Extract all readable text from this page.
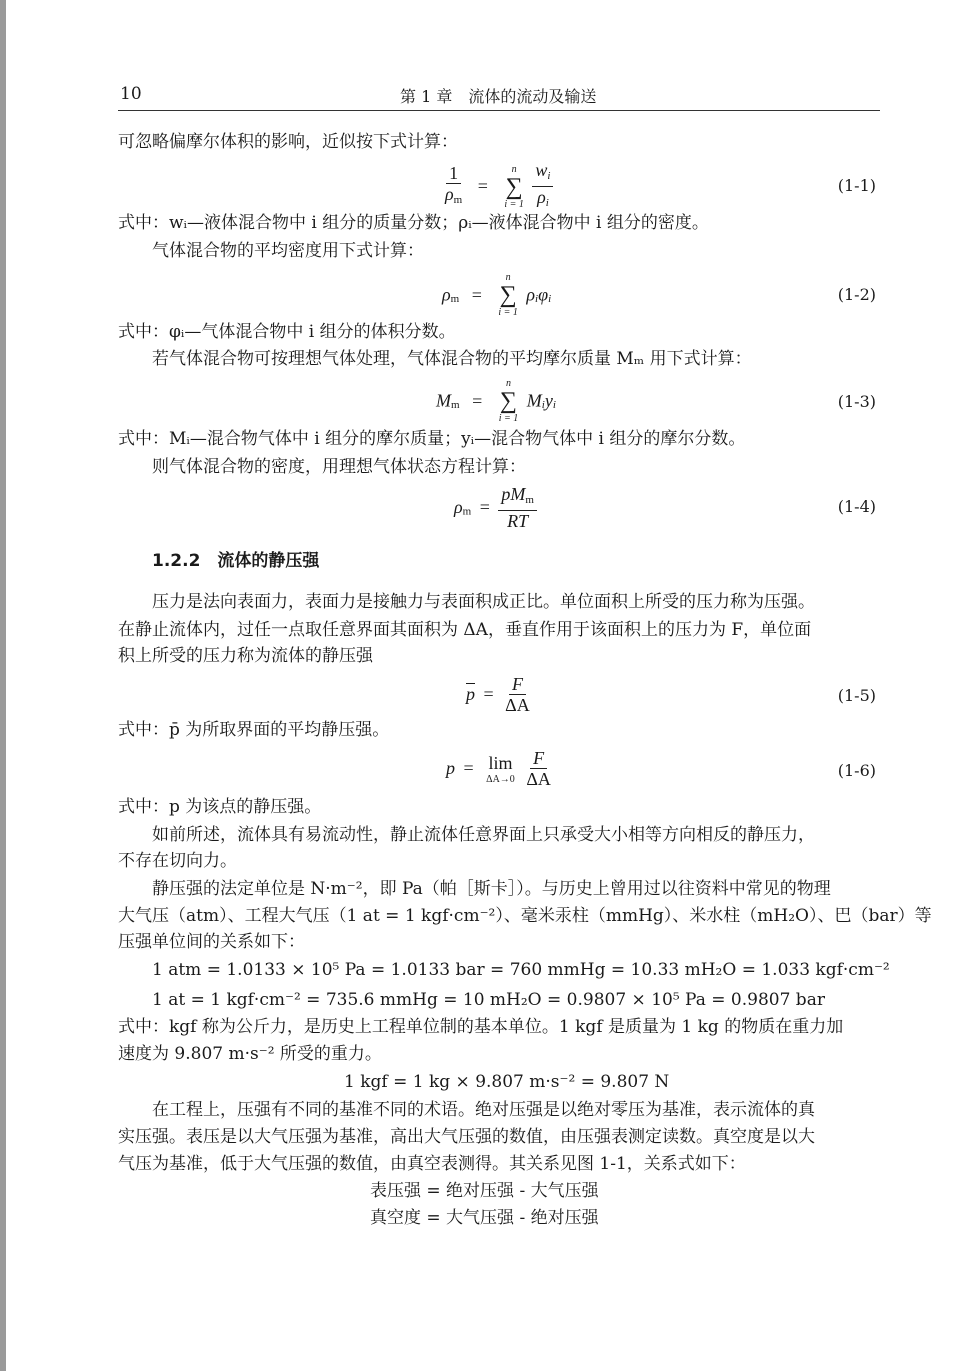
10	第 1 章　流体的流动及输送
可忽略偏摩尔体积的影响，近似按下式计算：
$\frac{1}{\rho_m}$ =
n
∑
i = 1
$\frac{w_i}{\rho_i}$	(1-1)
式中：wᵢ—液体混合物中 i 组分的质量分数；ρᵢ—液体混合物中 i 组分的密度。
气体混合物的平均密度用下式计算：
$\rho_m$ =
n
∑
i = 1
$\rho_i\varphi_i$	(1-2)
式中：φᵢ—气体混合物中 i 组分的体积分数。
若气体混合物可按理想气体处理，气体混合物的平均摩尔质量 Mₘ 用下式计算：
$M_m$ =
n
∑
i = 1
$M_iy_i$	(1-3)
式中：Mᵢ—混合物气体中 i 组分的摩尔质量；yᵢ—混合物气体中 i 组分的摩尔分数。
则气体混合物的密度，用理想气体状态方程计算：
$\rho_m = \frac{pM_m}{RT}$	(1-4)
1.2.2　流体的静压强
压力是法向表面力，表面力是接触力与表面积成正比。单位面积上所受的压力称为压强。
在静止流体内，过任一点取任意界面其面积为 ΔA，垂直作用于该面积上的压力为 F，单位面
积上所受的压力称为流体的静压强
$\overline{p} = \frac{F}{\Delta A}$	(1-5)
式中：p̄ 为所取界面的平均静压强。
p = lim
ΔA→0
$\frac{F}{\Delta A}$	(1-6)
式中：p 为该点的静压强。
如前所述，流体具有易流动性，静止流体任意界面上只承受大小相等方向相反的静压力，
不存在切向力。
静压强的法定单位是 N·m⁻²，即 Pa（帕［斯卡］）。与历史上曾用过以往资料中常见的物理
大气压（atm）、工程大气压（1 at = 1 kgf·cm⁻²）、毫米汞柱（mmHg）、米水柱（mH₂O）、巴（bar）等
压强单位间的关系如下：
1 atm = 1.0133 × 10⁵ Pa = 1.0133 bar = 760 mmHg = 10.33 mH₂O = 1.033 kgf·cm⁻²
1 at = 1 kgf·cm⁻² = 735.6 mmHg = 10 mH₂O = 0.9807 × 10⁵ Pa = 0.9807 bar
式中：kgf 称为公斤力，是历史上工程单位制的基本单位。1 kgf 是质量为 1 kg 的物质在重力加
速度为 9.807 m·s⁻² 所受的重力。
1 kgf = 1 kg × 9.807 m·s⁻² = 9.807 N
在工程上，压强有不同的基准不同的术语。绝对压强是以绝对零压为基准，表示流体的真
实压强。表压是以大气压强为基准，高出大气压强的数值，由压强表测定读数。真空度是以大
气压为基准，低于大气压强的数值，由真空表测得。其关系见图 1-1，关系式如下：
表压强 = 绝对压强 - 大气压强
真空度 = 大气压强 - 绝对压强
